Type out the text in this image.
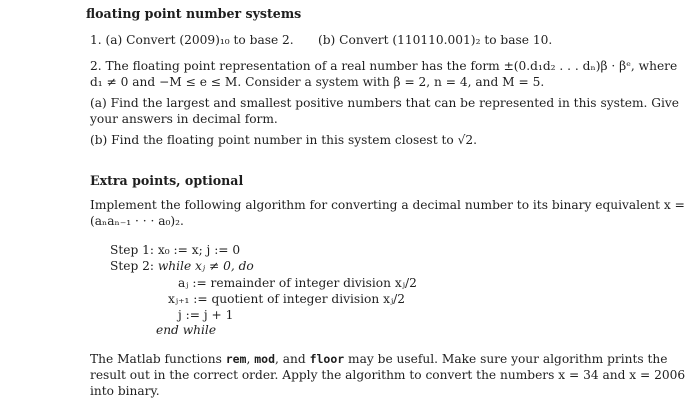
floating point number systems
1. (a) Convert (2009)₁₀ to base 2. (b) Convert (110110.001)₂ to base 10.
2. The floating point representation of a real number has the form ±(0.d₁d₂ . . . dₙ)β · βᵉ, where
d₁ ≠ 0 and −M ≤ e ≤ M. Consider a system with β = 2, n = 4, and M = 5.
(a) Find the largest and smallest positive numbers that can be represented in this system. Give
your answers in decimal form.
(b) Find the floating point number in this system closest to √2.
Extra points, optional
Implement the following algorithm for converting a decimal number to its binary equivalent x =
(aₙaₙ₋₁ · · · a₀)₂.
Step 1: x₀ := x; j := 0
Step 2: while xⱼ ≠ 0, do
aⱼ := remainder of integer division xⱼ/2
xⱼ₊₁ := quotient of integer division xⱼ/2
j := j + 1
end while
The Matlab functions rem, mod, and floor may be useful. Make sure your algorithm prints the
result out in the correct order. Apply the algorithm to convert the numbers x = 34 and x = 2006
into binary.
